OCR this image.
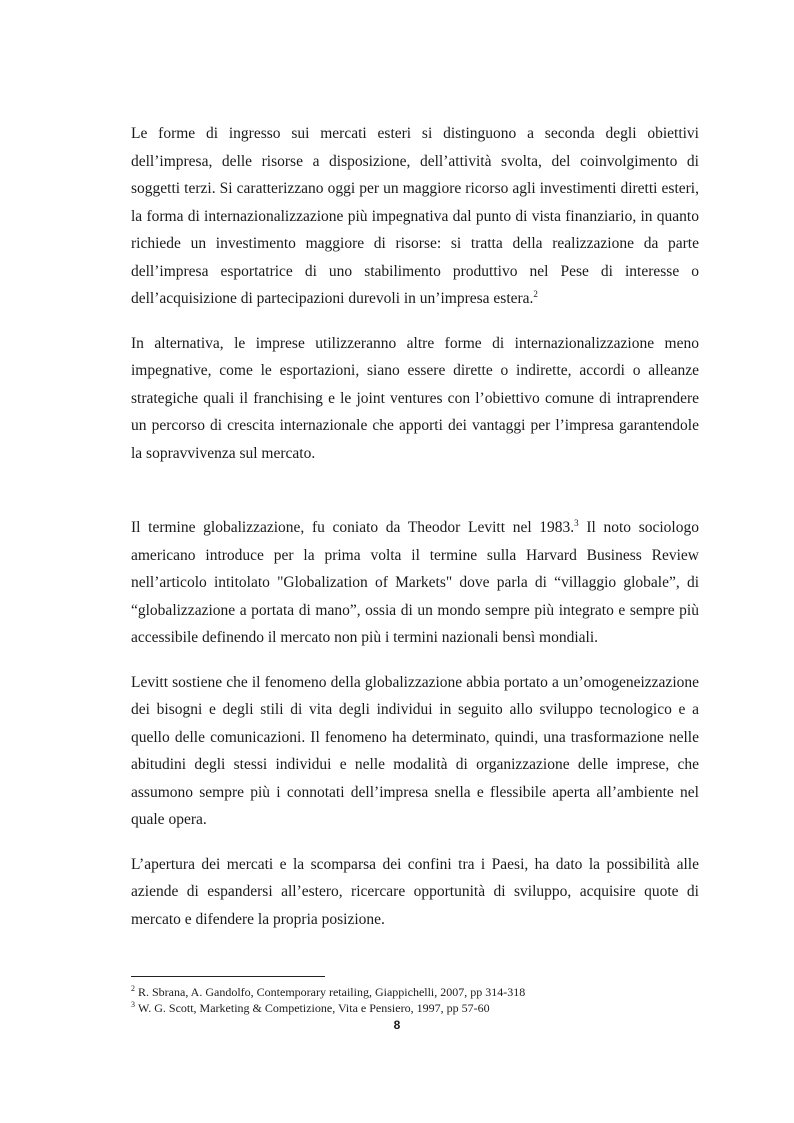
Le forme di ingresso sui mercati esteri si distinguono a seconda degli obiettivi dell’impresa, delle risorse a disposizione, dell’attività svolta, del coinvolgimento di soggetti terzi. Si caratterizzano oggi per un maggiore ricorso agli investimenti diretti esteri, la forma di internazionalizzazione più impegnativa dal punto di vista finanziario, in quanto richiede un investimento maggiore di risorse: si tratta della realizzazione da parte dell’impresa esportatrice di uno stabilimento produttivo nel Pese di interesse o dell’acquisizione di partecipazioni durevoli in un’impresa estera.$^2$

In alternativa, le imprese utilizzeranno altre forme di internazionalizzazione meno impegnative, come le esportazioni, siano essere dirette o indirette, accordi o alleanze strategiche quali il franchising e le joint ventures con l’obiettivo comune di intraprendere un percorso di crescita internazionale che apporti dei vantaggi per l’impresa garantendole la sopravvivenza sul mercato.

Il termine globalizzazione, fu coniato da Theodor Levitt nel 1983.$^3$ Il noto sociologo americano introduce per la prima volta il termine sulla Harvard Business Review nell’articolo intitolato "Globalization of Markets" dove parla di “villaggio globale”, di “globalizzazione a portata di mano”, ossia di un mondo sempre più integrato e sempre più accessibile definendo il mercato non più i termini nazionali bensì mondiali.

Levitt sostiene che il fenomeno della globalizzazione abbia portato a un’omogeneizzazione dei bisogni e degli stili di vita degli individui in seguito allo sviluppo tecnologico e a quello delle comunicazioni. Il fenomeno ha determinato, quindi, una trasformazione nelle abitudini degli stessi individui e nelle modalità di organizzazione delle imprese, che assumono sempre più i connotati dell’impresa snella e flessibile aperta all’ambiente nel quale opera.

L’apertura dei mercati e la scomparsa dei confini tra i Paesi, ha dato la possibilità alle aziende di espandersi all’estero, ricercare opportunità di sviluppo, acquisire quote di mercato e difendere la propria posizione.

$^2$ R. Sbrana, A. Gandolfo, Contemporary retailing, Giappichelli, 2007, pp 314-318

$^3$ W. G. Scott, Marketing & Competizione, Vita e Pensiero, 1997, pp 57-60

8
